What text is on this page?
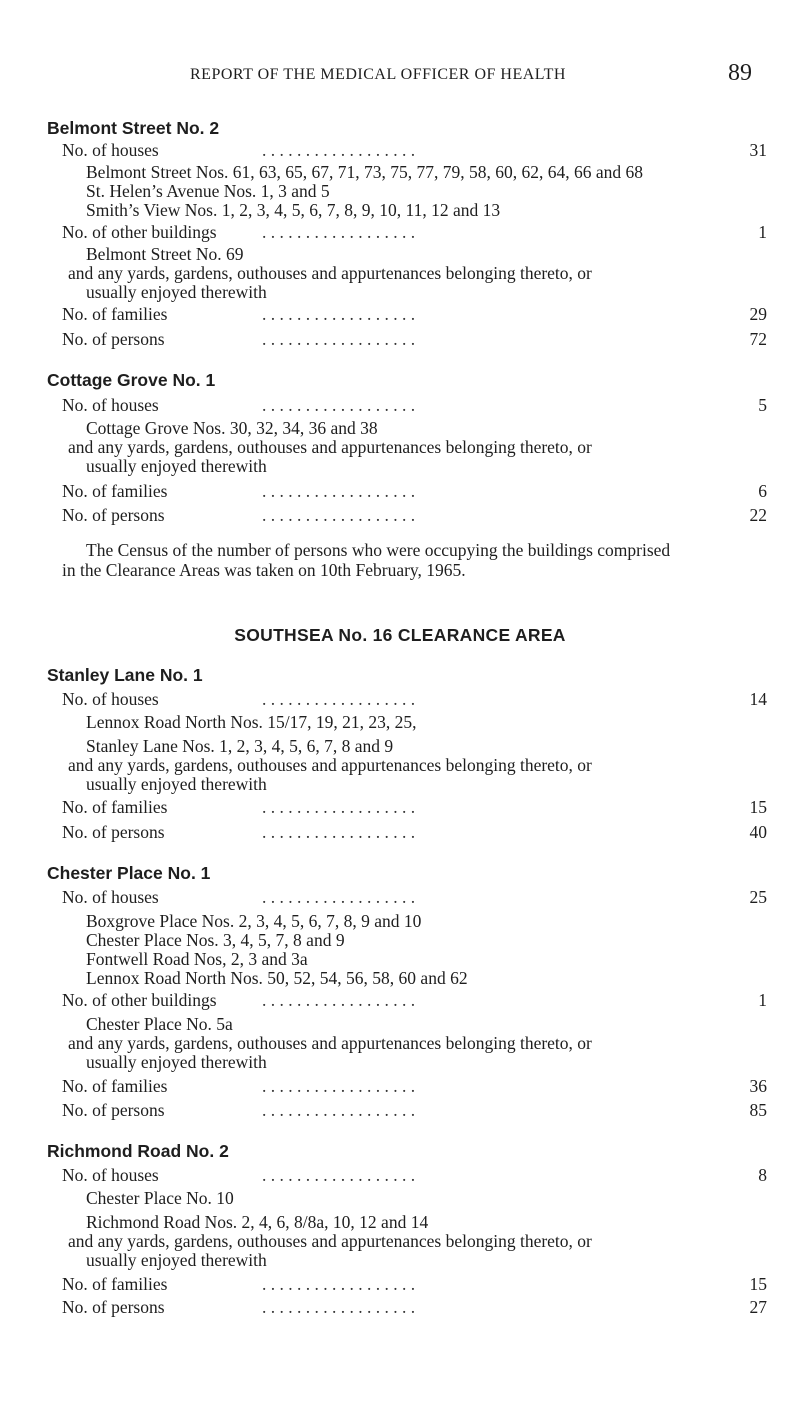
REPORT OF THE MEDICAL OFFICER OF HEALTH	89
Belmont Street No. 2
No. of houses	. . . . . . . . . . . . . . . . . .	31
Belmont Street Nos. 61, 63, 65, 67, 71, 73, 75, 77, 79, 58, 60, 62, 64, 66 and 68
St. Helen’s Avenue Nos. 1, 3 and 5
Smith’s View Nos. 1, 2, 3, 4, 5, 6, 7, 8, 9, 10, 11, 12 and 13
No. of other buildings	. . . . . . . . . . . . . . . . . .	1
Belmont Street No. 69
and any yards, gardens, outhouses and appurtenances belonging thereto, or
usually enjoyed therewith
No. of families	. . . . . . . . . . . . . . . . . .	29
No. of persons	. . . . . . . . . . . . . . . . . .	72
Cottage Grove No. 1
No. of houses	. . . . . . . . . . . . . . . . . .	5
Cottage Grove Nos. 30, 32, 34, 36 and 38
and any yards, gardens, outhouses and appurtenances belonging thereto, or
usually enjoyed therewith
No. of families	. . . . . . . . . . . . . . . . . .	6
No. of persons	. . . . . . . . . . . . . . . . . .	22
The Census of the number of persons who were occupying the buildings comprised
in the Clearance Areas was taken on 10th February, 1965.
SOUTHSEA No. 16 CLEARANCE AREA
Stanley Lane No. 1
No. of houses	. . . . . . . . . . . . . . . . . .	14
Lennox Road North Nos. 15/17, 19, 21, 23, 25,
Stanley Lane Nos. 1, 2, 3, 4, 5, 6, 7, 8 and 9
and any yards, gardens, outhouses and appurtenances belonging thereto, or
usually enjoyed therewith
No. of families	. . . . . . . . . . . . . . . . . .	15
No. of persons	. . . . . . . . . . . . . . . . . .	40
Chester Place No. 1
No. of houses	. . . . . . . . . . . . . . . . . .	25
Boxgrove Place Nos. 2, 3, 4, 5, 6, 7, 8, 9 and 10
Chester Place Nos. 3, 4, 5, 7, 8 and 9
Fontwell Road Nos, 2, 3 and 3a
Lennox Road North Nos. 50, 52, 54, 56, 58, 60 and 62
No. of other buildings	. . . . . . . . . . . . . . . . . .	1
Chester Place No. 5a
and any yards, gardens, outhouses and appurtenances belonging thereto, or
usually enjoyed therewith
No. of families	. . . . . . . . . . . . . . . . . .	36
No. of persons	. . . . . . . . . . . . . . . . . .	85
Richmond Road No. 2
No. of houses	. . . . . . . . . . . . . . . . . .	8
Chester Place No. 10
Richmond Road Nos. 2, 4, 6, 8/8a, 10, 12 and 14
and any yards, gardens, outhouses and appurtenances belonging thereto, or
usually enjoyed therewith
No. of families	. . . . . . . . . . . . . . . . . .	15
No. of persons	. . . . . . . . . . . . . . . . . .	27
